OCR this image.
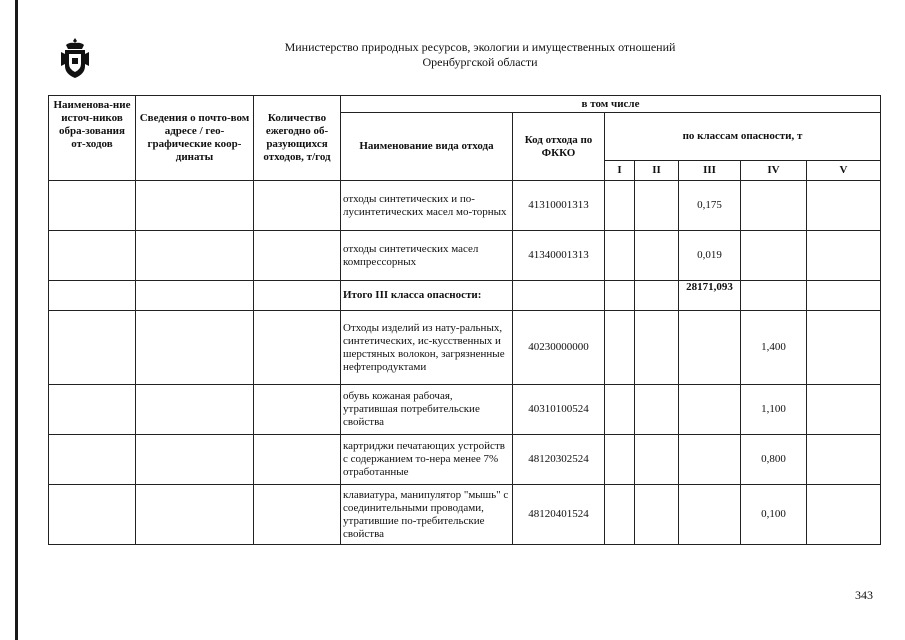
Министерство природных ресурсов, экологии и имущественных отношений
Оренбургской области
Наименова-ние источ-ников обра-зования от-ходов	Сведения о почто-вом адресе / гео-графические коор-динаты	Количество ежегодно об-разующихся отходов, т/год	в том числе						
			Наименование вида отхода	Код отхода по ФККО	по классам опасности, т				
					I	II	III	IV	V
			отходы синтетических и по-лусинтетических масел мо-торных	41310001313			0,175		
			отходы синтетических масел компрессорных	41340001313			0,019		
			Итого III класса опасности:				28171,093		
			Отходы изделий из нату-ральных, синтетических, ис-кусственных и шерстяных волокон, загрязненные нефтепродуктами	40230000000				1,400	
			обувь кожаная рабочая, утратившая потребительские свойства	40310100524				1,100	
			картриджи печатающих устройств с содержанием то-нера менее 7% отработанные	48120302524				0,800	
			клавиатура, манипулятор "мышь" с соединительными проводами, утратившие по-требительские свойства	48120401524				0,100	
343
